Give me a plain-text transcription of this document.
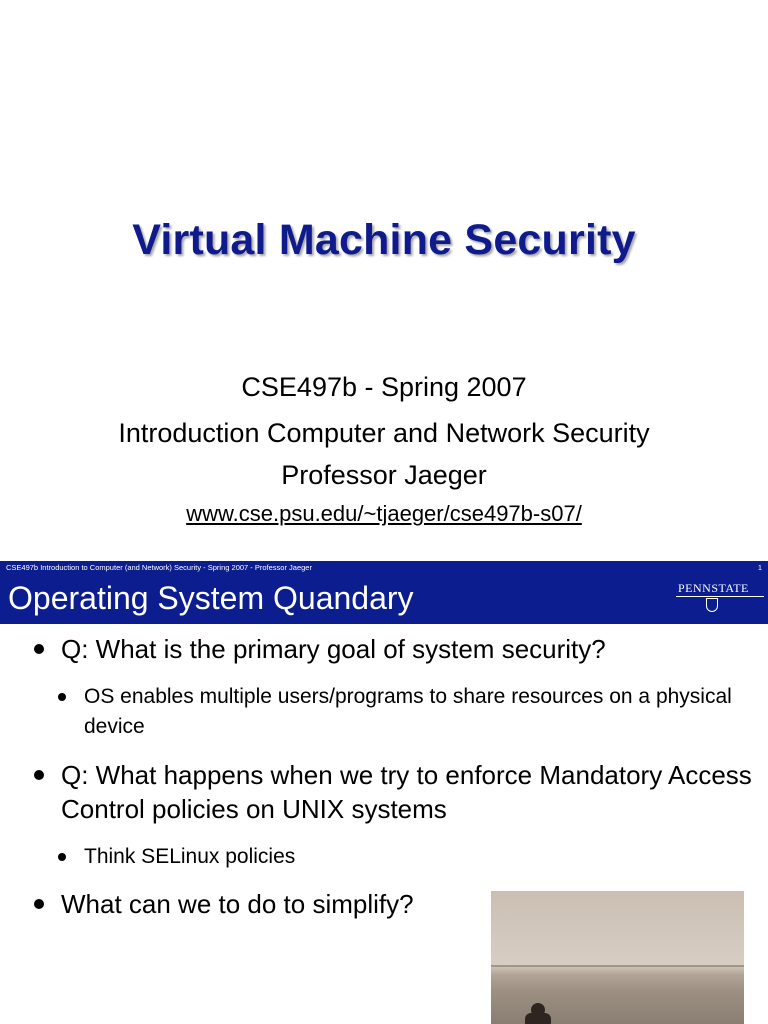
Virtual Machine Security
CSE497b - Spring 2007
Introduction Computer and Network Security
Professor Jaeger
www.cse.psu.edu/~tjaeger/cse497b-s07/
CSE497b Introduction to Computer (and Network) Security - Spring 2007 - Professor Jaeger	1
Operating System Quandary	PENNSTATE
Q: What is the primary goal of system security?
OS enables multiple users/programs to share resources on a physical device
Q: What happens when we try to enforce Mandatory Access Control policies on UNIX systems
Think SELinux policies
What can we to do to simplify?
